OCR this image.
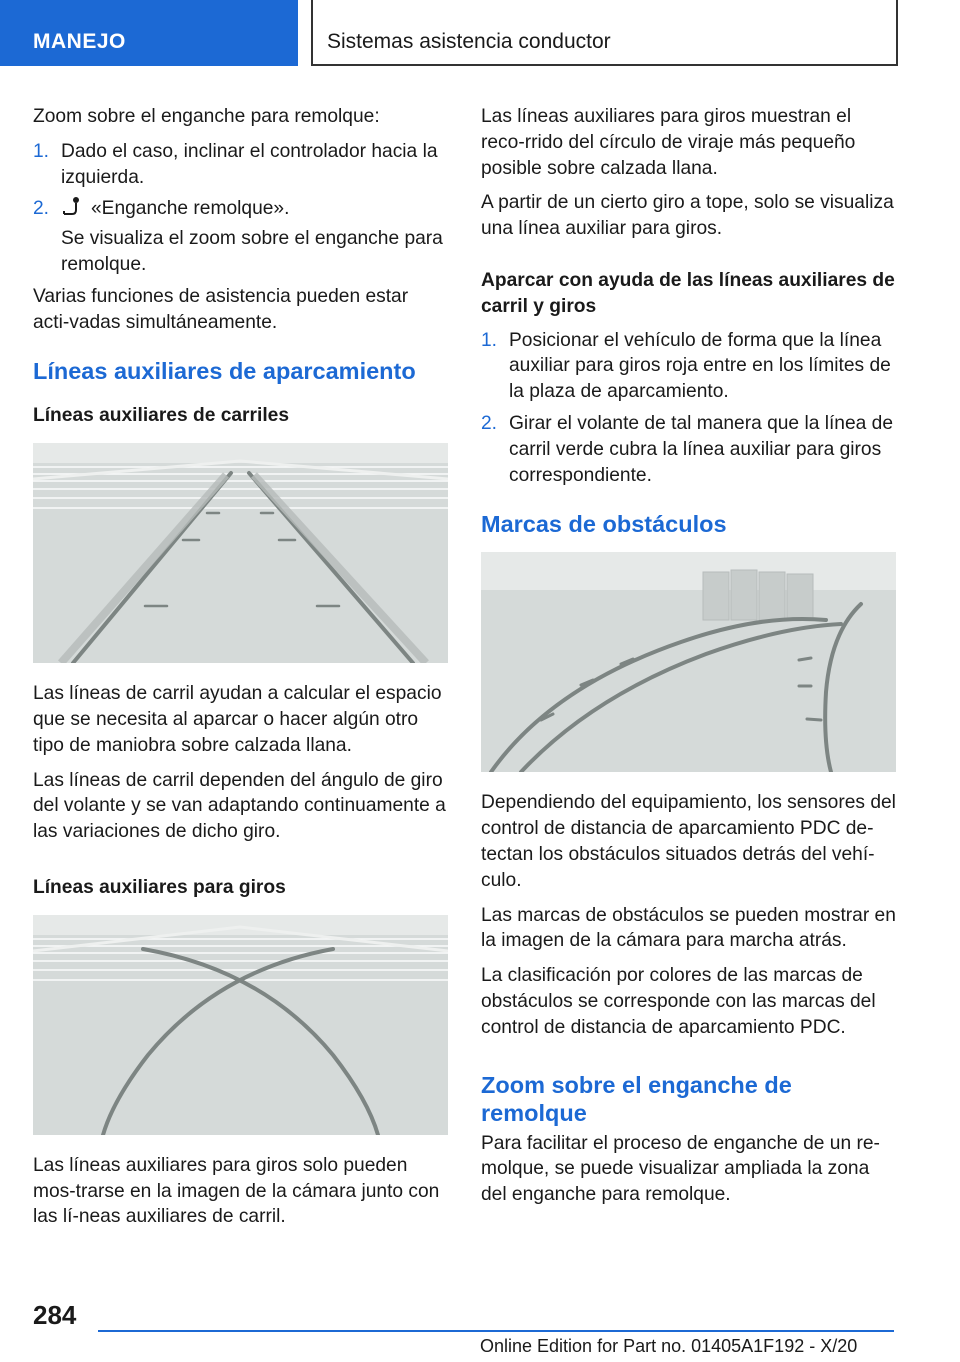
MANEJO	Sistemas asistencia conductor

Zoom sobre el enganche para remolque:

1. Dado el caso, inclinar el controlador hacia la izquierda.
2. «Enganche remolque».

Se visualiza el zoom sobre el enganche para remolque.

Varias funciones de asistencia pueden estar acti-vadas simultáneamente.

Líneas auxiliares de aparcamiento
Líneas auxiliares de carriles

Las líneas de carril ayudan a calcular el espacio que se necesita al aparcar o hacer algún otro tipo de maniobra sobre calzada llana.

Las líneas de carril dependen del ángulo de giro del volante y se van adaptando continuamente a las variaciones de dicho giro.

Líneas auxiliares para giros

Las líneas auxiliares para giros solo pueden mos-trarse en la imagen de la cámara junto con las lí-neas auxiliares de carril.

Las líneas auxiliares para giros muestran el reco-rrido del círculo de viraje más pequeño posible sobre calzada llana.

A partir de un cierto giro a tope, solo se visualiza una línea auxiliar para giros.

Aparcar con ayuda de las líneas auxiliares de carril y giros
1. Posicionar el vehículo de forma que la línea auxiliar para giros roja entre en los límites de la plaza de aparcamiento.
2. Girar el volante de tal manera que la línea de carril verde cubra la línea auxiliar para giros correspondiente.
Marcas de obstáculos

Dependiendo del equipamiento, los sensores del control de distancia de aparcamiento PDC de-tectan los obstáculos situados detrás del vehí-culo.

Las marcas de obstáculos se pueden mostrar en la imagen de la cámara para marcha atrás.

La clasificación por colores de las marcas de obstáculos se corresponde con las marcas del control de distancia de aparcamiento PDC.

Zoom sobre el enganche de remolque

Para facilitar el proceso de enganche de un re-molque, se puede visualizar ampliada la zona del enganche para remolque.

284
Online Edition for Part no. 01405A1F192 - X/20
